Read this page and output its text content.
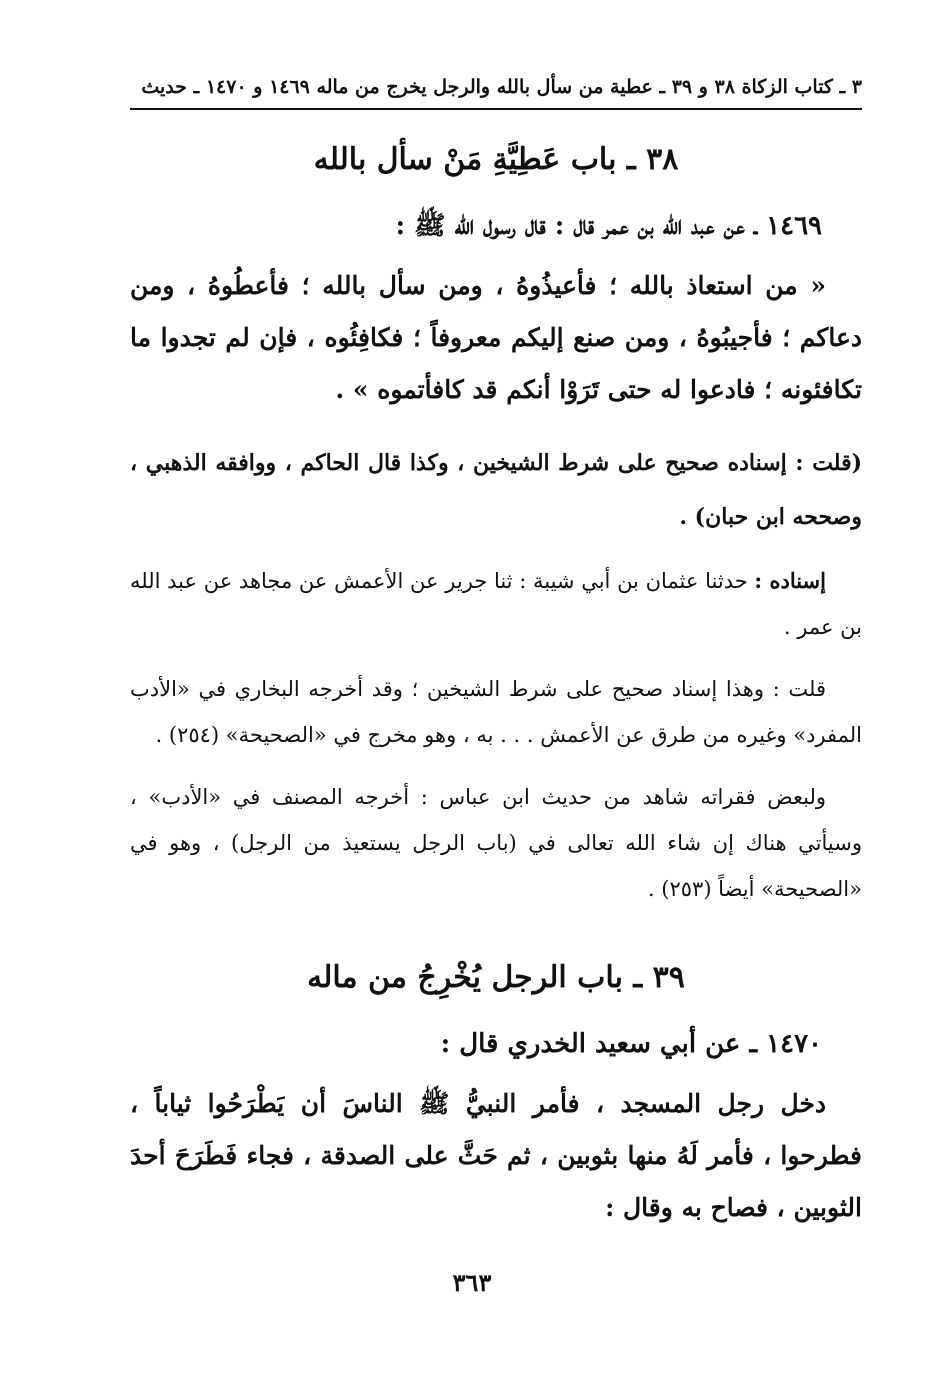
٣ ـ كتاب الزكاة ٣٨ و ٣٩ ـ عطية من سأل بالله والرجل يخرج من ماله ١٤٦٩ و ١٤٧٠ ـ حديث
٣٨ ـ باب عَطِيَّةِ مَنْ سأل بالله
١٤٦٩ ـ عن عبد الله بن عمر قال : قال رسول الله ﷺ :
« من استعاذ بالله ؛ فأعيذُوهُ ، ومن سأل بالله ؛ فأعطُوهُ ، ومن دعاكم ؛ فأجيبُوهُ ، ومن صنع إليكم معروفاً ؛ فكافِئُوه ، فإن لم تجدوا ما تكافئونه ؛ فادعوا له حتى تَرَوْا أنكم قد كافأتموه » .
(قلت : إسناده صحيح على شرط الشيخين ، وكذا قال الحاكم ، ووافقه الذهبي ، وصححه ابن حبان) .
إسناده : حدثنا عثمان بن أبي شيبة : ثنا جرير عن الأعمش عن مجاهد عن عبد الله بن عمر .
قلت : وهذا إسناد صحيح على شرط الشيخين ؛ وقد أخرجه البخاري في «الأدب المفرد» وغيره من طرق عن الأعمش . . . به ، وهو مخرج في «الصحيحة» (٢٥٤) .
ولبعض فقراته شاهد من حديث ابن عباس : أخرجه المصنف في «الأدب» ، وسيأتي هناك إن شاء الله تعالى في (باب الرجل يستعيذ من الرجل) ، وهو في «الصحيحة» أيضاً (٢٥٣) .
٣٩ ـ باب الرجل يُخْرِجُ من ماله
١٤٧٠ ـ عن أبي سعيد الخدري قال :
دخل رجل المسجد ، فأمر النبيُّ ﷺ الناسَ أن يَطْرَحُوا ثياباً ، فطرحوا ، فأمر لَهُ منها بثوبين ، ثم حَثَّ على الصدقة ، فجاء فَطَرَحَ أحدَ الثوبين ، فصاح به وقال :
٣٦٣
